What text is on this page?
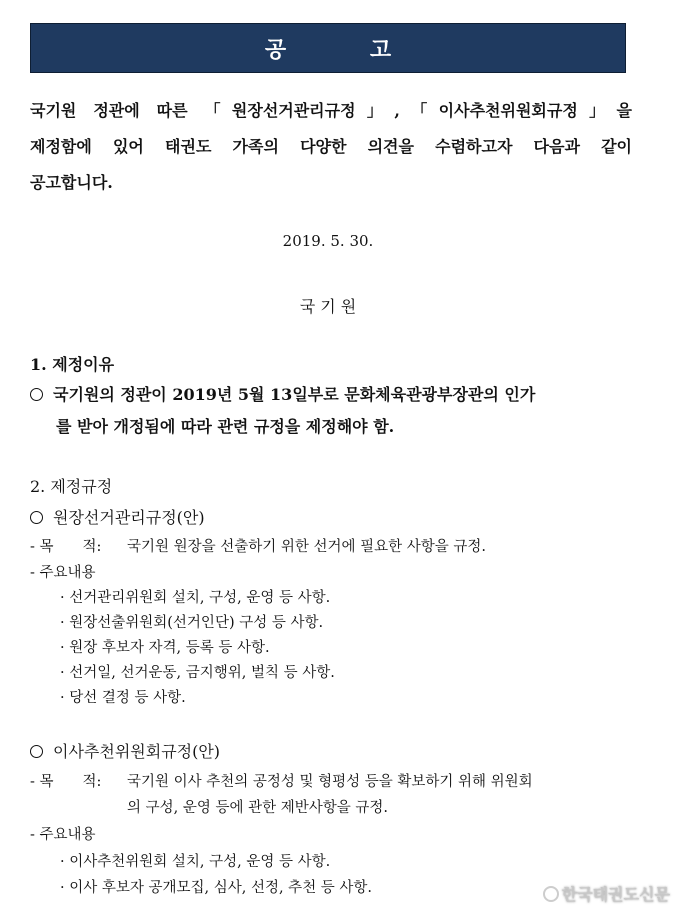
공 고
국기원 정관에 따른 「원장선거관리규정」,「이사추천위원회규정」을
제정함에 있어 태권도 가족의 다양한 의견을 수렴하고자 다음과 같이
공고합니다.
2019. 5. 30.
국 기 원
1. 제정이유
국기원의 정관이 2019년 5월 13일부로 문화체육관광부장관의 인가
를 받아 개정됨에 따라 관련 규정을 제정해야 함.
2. 제정규정
원장선거관리규정(안)
- 목　　적: 국기원 원장을 선출하기 위한 선거에 필요한 사항을 규정.
- 주요내용
· 선거관리위원회 설치, 구성, 운영 등 사항.
· 원장선출위원회(선거인단) 구성 등 사항.
· 원장 후보자 자격, 등록 등 사항.
· 선거일, 선거운동, 금지행위, 벌칙 등 사항.
· 당선 결정 등 사항.
이사추천위원회규정(안)
- 목　　적: 국기원 이사 추천의 공정성 및 형평성 등을 확보하기 위해 위원회
의 구성, 운영 등에 관한 제반사항을 규정.
- 주요내용
· 이사추천위원회 설치, 구성, 운영 등 사항.
· 이사 후보자 공개모집, 심사, 선정, 추천 등 사항.	한국태권도신문
